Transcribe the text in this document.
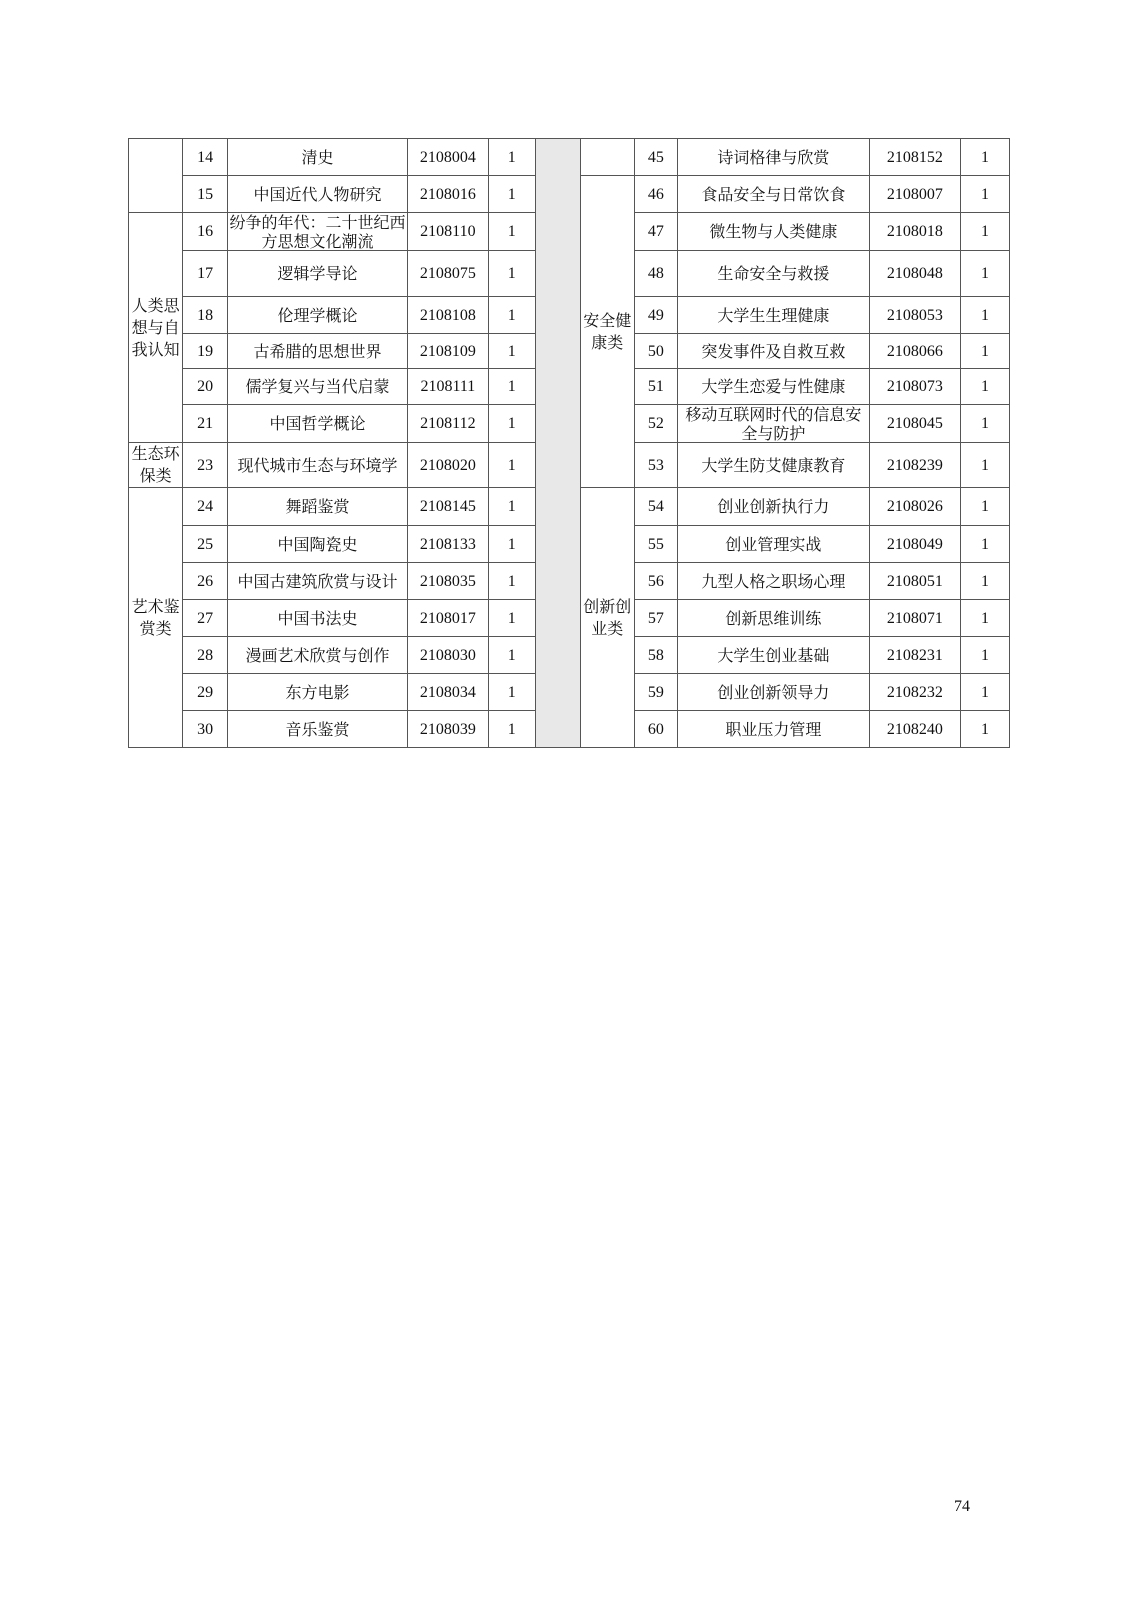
	14	清史	2108004	1			45	诗词格律与欣赏	2108152	1
	15	中国近代人物研究	2108016	1		安全健康类	46	食品安全与日常饮食	2108007	1
人类思想与自我认知	16	纷争的年代：二十世纪西方思想文化潮流	2108110	1			47	微生物与人类健康	2108018	1
	17	逻辑学导论	2108075	1			48	生命安全与救援	2108048	1
	18	伦理学概论	2108108	1			49	大学生生理健康	2108053	1
	19	古希腊的思想世界	2108109	1			50	突发事件及自救互救	2108066	1
	20	儒学复兴与当代启蒙	2108111	1			51	大学生恋爱与性健康	2108073	1
	21	中国哲学概论	2108112	1			52	移动互联网时代的信息安全与防护	2108045	1
生态环保类	23	现代城市生态与环境学	2108020	1			53	大学生防艾健康教育	2108239	1
艺术鉴赏类	24	舞蹈鉴赏	2108145	1		创新创业类	54	创业创新执行力	2108026	1
	25	中国陶瓷史	2108133	1			55	创业管理实战	2108049	1
	26	中国古建筑欣赏与设计	2108035	1			56	九型人格之职场心理	2108051	1
	27	中国书法史	2108017	1			57	创新思维训练	2108071	1
	28	漫画艺术欣赏与创作	2108030	1			58	大学生创业基础	2108231	1
	29	东方电影	2108034	1			59	创业创新领导力	2108232	1
	30	音乐鉴赏	2108039	1			60	职业压力管理	2108240	1
74
